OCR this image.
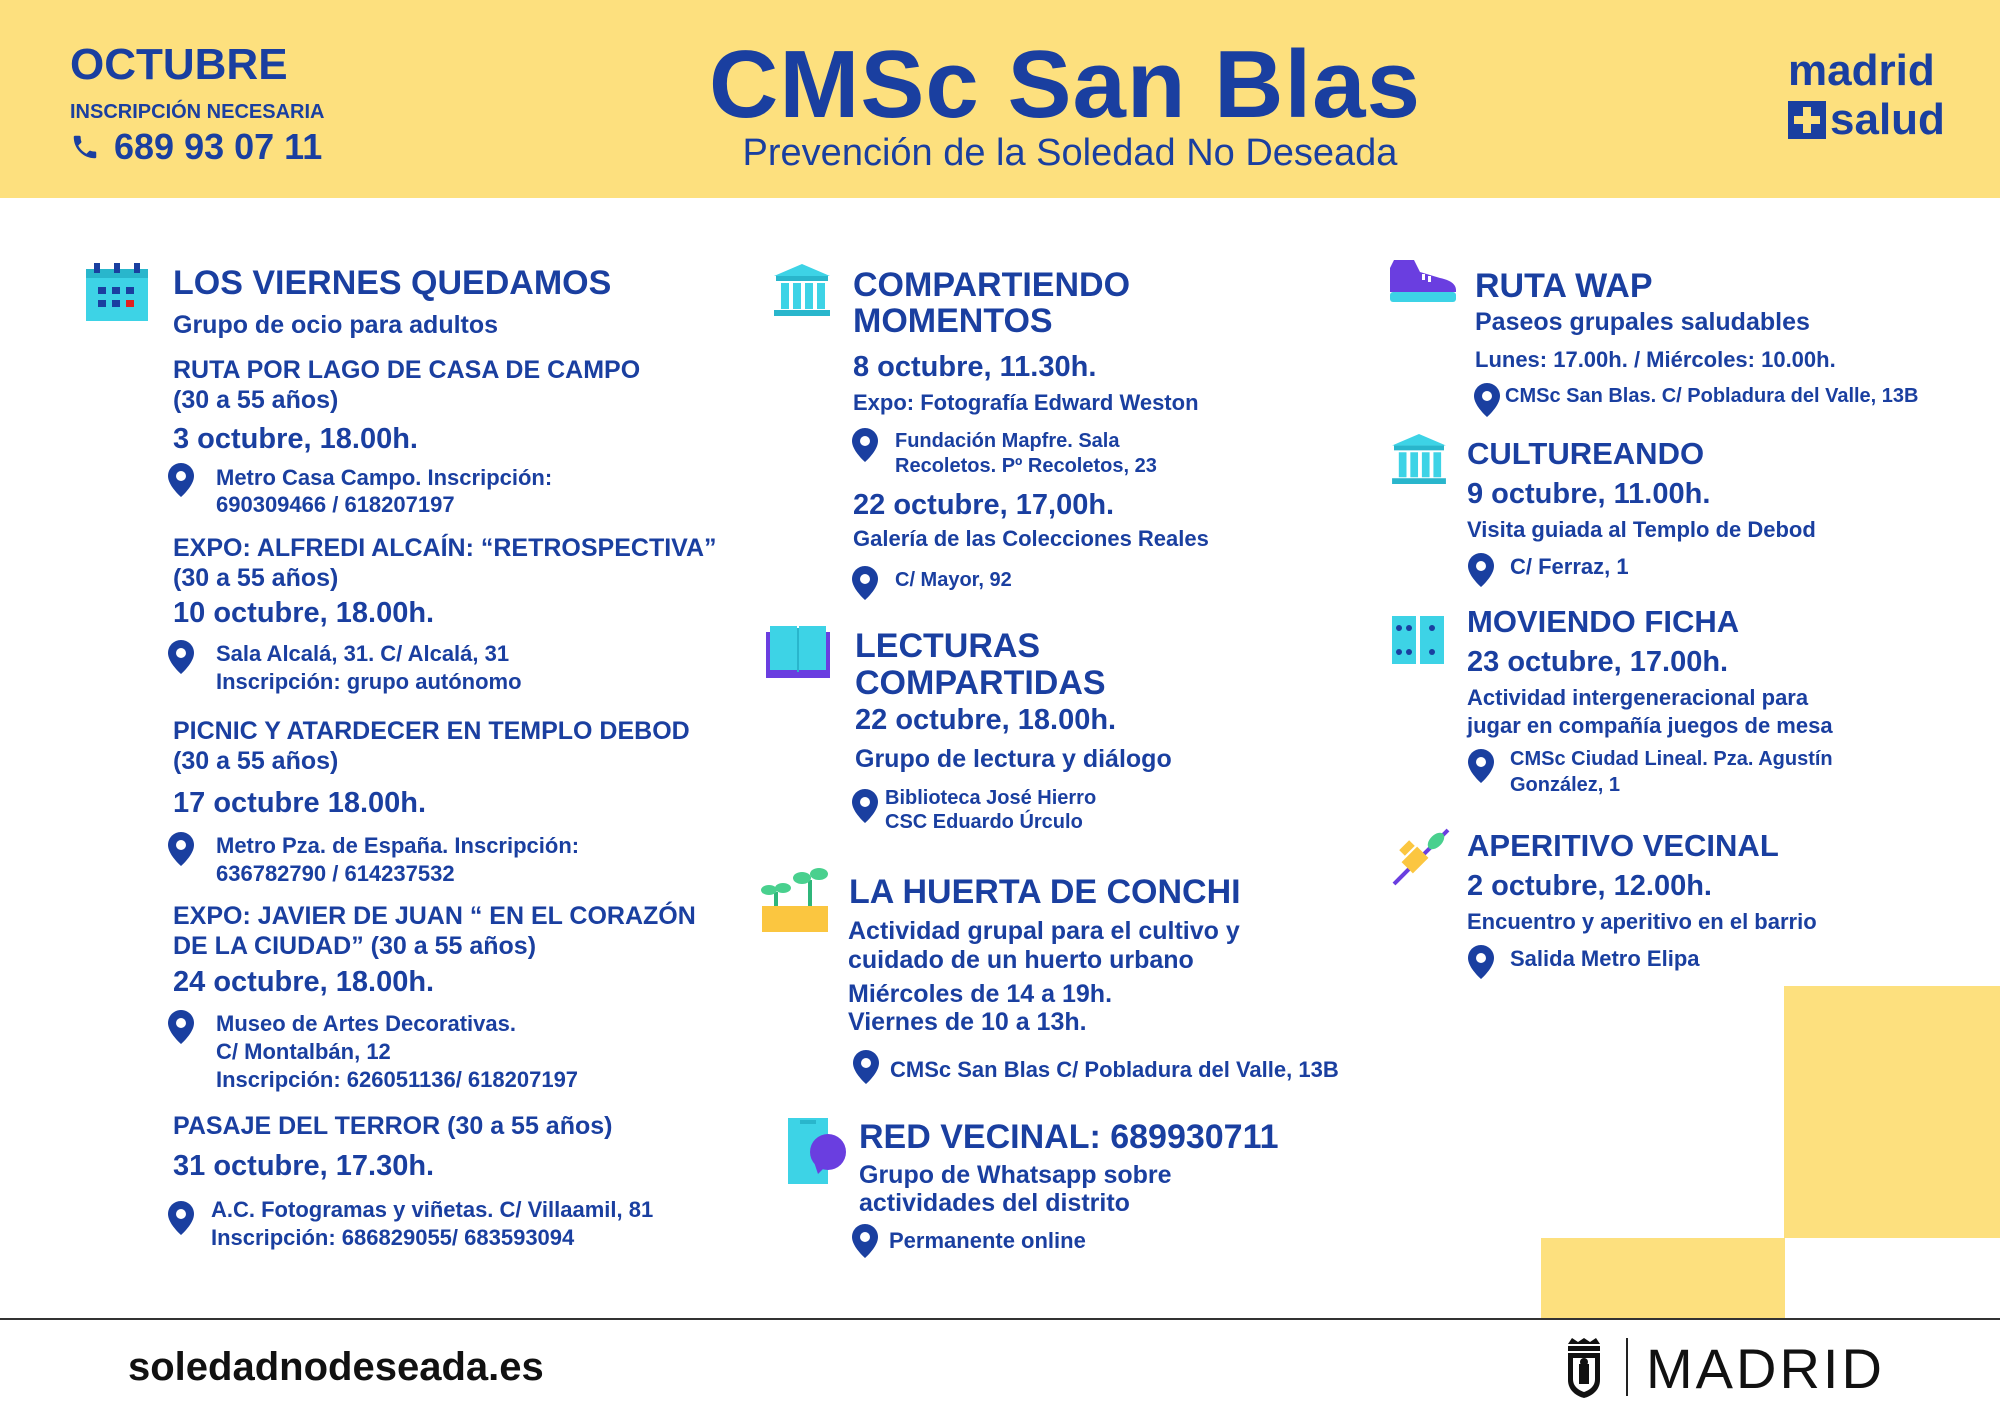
OCTUBRE
INSCRIPCIÓN NECESARIA
689 93 07 11
CMSc San Blas
Prevención de la Soledad No Deseada
madrid
salud
LOS VIERNES QUEDAMOS
Grupo de ocio para adultos
RUTA POR LAGO DE CASA DE CAMPO
(30 a 55 años)
3 octubre, 18.00h.
Metro Casa Campo. Inscripción:
690309466 / 618207197
EXPO: ALFREDI ALCAÍN: “RETROSPECTIVA”
(30 a 55 años)
10 octubre, 18.00h.
Sala Alcalá, 31. C/ Alcalá, 31
Inscripción: grupo autónomo
PICNIC Y ATARDECER EN TEMPLO DEBOD
(30 a 55 años)
17 octubre 18.00h.
Metro Pza. de España. Inscripción:
636782790 / 614237532
EXPO: JAVIER DE JUAN “ EN EL CORAZÓN
DE LA CIUDAD” (30 a 55 años)
24 octubre, 18.00h.
Museo de Artes Decorativas.
C/ Montalbán, 12
Inscripción: 626051136/ 618207197
PASAJE DEL TERROR (30 a 55 años)
31 octubre, 17.30h.
A.C. Fotogramas y viñetas. C/ Villaamil, 81
Inscripción: 686829055/ 683593094
COMPARTIENDO
MOMENTOS
8 octubre, 11.30h.
Expo: Fotografía Edward Weston
Fundación Mapfre. Sala
Recoletos. Pº Recoletos, 23
22 octubre, 17,00h.
Galería de las Colecciones Reales
C/ Mayor, 92
LECTURAS
COMPARTIDAS
22 octubre, 18.00h.
Grupo de lectura y diálogo
Biblioteca José Hierro
CSC Eduardo Úrculo
LA HUERTA DE CONCHI
Actividad grupal para el cultivo y
cuidado de un huerto urbano
Miércoles de 14 a 19h.
Viernes de 10 a 13h.
CMSc San Blas C/ Pobladura del Valle, 13B
RED VECINAL: 689930711
Grupo de Whatsapp sobre
actividades del distrito
Permanente online
RUTA WAP
Paseos grupales saludables
Lunes: 17.00h. / Miércoles: 10.00h.
CMSc San Blas. C/ Pobladura del Valle, 13B
CULTUREANDO
9 octubre, 11.00h.
Visita guiada al Templo de Debod
C/ Ferraz, 1
MOVIENDO FICHA
23 octubre, 17.00h.
Actividad intergeneracional para
jugar en compañía juegos de mesa
CMSc Ciudad Lineal. Pza. Agustín
González, 1
APERITIVO VECINAL
2 octubre, 12.00h.
Encuentro y aperitivo en el barrio
Salida Metro Elipa
soledadnodeseada.es	MADRID
